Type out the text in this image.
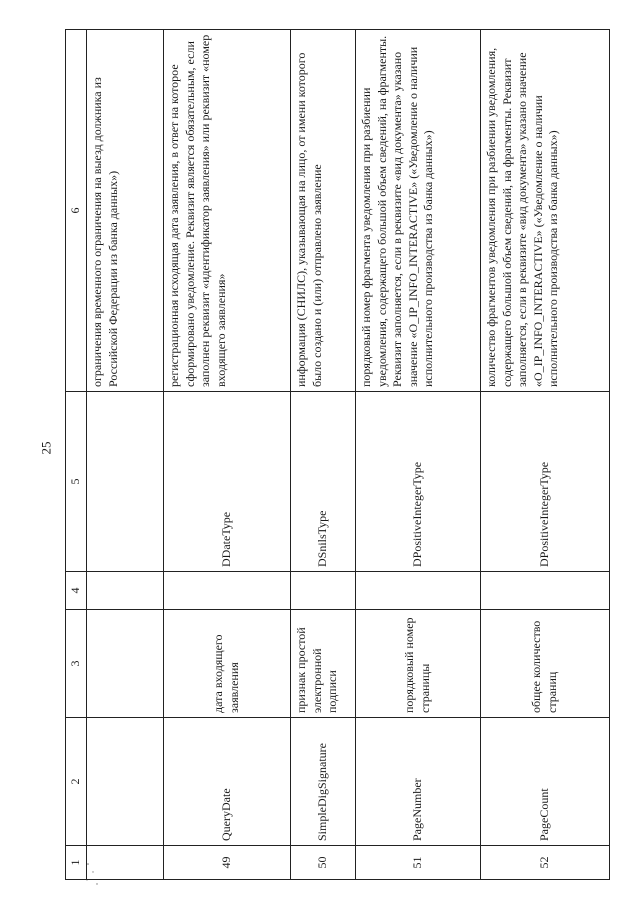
25
1	2	3	4	5	6
					ограничения временного ограничения на выезд должника из Российской Федерации из банка данных»)
49	QueryDate	дата входящего заявления		DDateType	регистрационная исходящая дата заявления, в ответ на которое сформировано уведомление. Реквизит является обязательным, если заполнен реквизит «идентификатор заявления» или реквизит «номер входящего заявления»
50	SimpleDigSignature	признак простой электронной подписи		DSnilsType	информация (СНИЛС), указывающая на лицо, от имени которого было создано и (или) отправлено заявление
51	PageNumber	порядковый номер страницы		DPositiveIntegerType	порядковый номер фрагмента уведомления при разбиении уведомления, содержащего большой объем сведений, на фрагменты. Реквизит заполняется, если в реквизите «вид документа» указано значение «O_IP_INFO_INTERACTIVE» («Уведомление о наличии исполнительного производства из банка данных»)
52	PageCount	общее количество страниц		DPositiveIntegerType	количество фрагментов уведомления при разбиении уведомления, содержащего большой объем сведений, на фрагменты. Реквизит заполняется, если в реквизите «вид документа» указано значение «O_IP_INFO_INTERACTIVE» («Уведомление о наличии исполнительного производства из банка данных»)
